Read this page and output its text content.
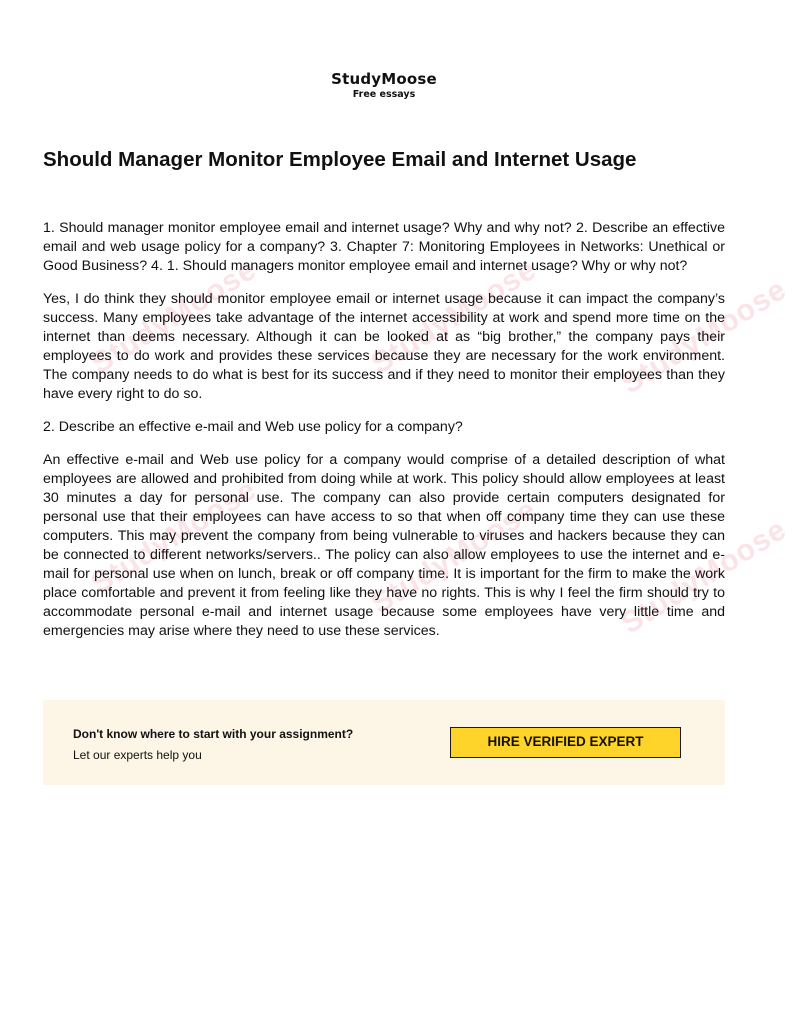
StudyMoose	StudyMoose StudyMoose
StudyMoose	StudyMoose StudyMoose
StudyMoose
Free essays
Should Manager Monitor Employee Email and Internet Usage

1. Should manager monitor employee email and internet usage? Why and why not? 2. Describe an effective email and web usage policy for a company? 3. Chapter 7: Monitoring Employees in Networks: Unethical or Good Business? 4. 1. Should managers monitor employee email and internet usage? Why or why not?

Yes, I do think they should monitor employee email or internet usage because it can impact the company’s success. Many employees take advantage of the internet accessibility at work and spend more time on the internet than deems necessary. Although it can be looked at as “big brother,” the company pays their employees to do work and provides these services because they are necessary for the work environment. The company needs to do what is best for its success and if they need to monitor their employees than they have every right to do so.

2. Describe an effective e-mail and Web use policy for a company?

An effective e-mail and Web use policy for a company would comprise of a detailed description of what employees are allowed and prohibited from doing while at work. This policy should allow employees at least 30 minutes a day for personal use. The company can also provide certain computers designated for personal use that their employees can have access to so that when off company time they can use these computers. This may prevent the company from being vulnerable to viruses and hackers because they can be connected to different networks/servers.. The policy can also allow employees to use the internet and e-mail for personal use when on lunch, break or off company time. It is important for the firm to make the work place comfortable and prevent it from feeling like they have no rights. This is why I feel the firm should try to accommodate personal e-mail and internet usage because some employees have very little time and emergencies may arise where they need to use these services.

Don't know where to start with your assignment?
Let our experts help you
HIRE VERIFIED EXPERT
